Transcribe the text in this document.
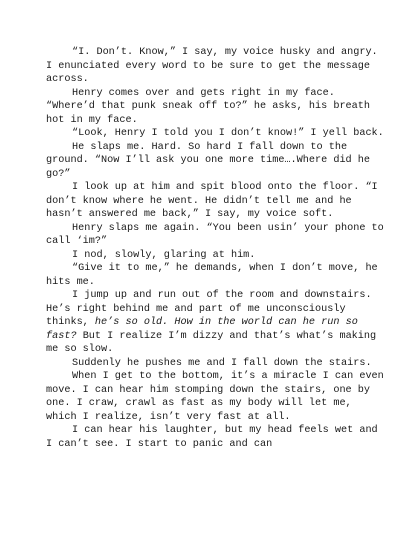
“I. Don’t. Know,” I say, my voice husky and angry. I enunciated every word to be sure to get the message across.

Henry comes over and gets right in my face. “Where’d that punk sneak off to?” he asks, his breath hot in my face.

“Look, Henry I told you I don’t know!” I yell back.

He slaps me. Hard. So hard I fall down to the ground. “Now I’ll ask you one more time….Where did he go?”

I look up at him and spit blood onto the floor. “I don’t know where he went. He didn’t tell me and he hasn’t answered me back,” I say, my voice soft.

Henry slaps me again. “You been usin’ your phone to call ‘im?”

I nod, slowly, glaring at him.

“Give it to me,” he demands, when I don’t move, he hits me.

I jump up and run out of the room and downstairs. He’s right behind me and part of me unconsciously thinks, he’s so old. How in the world can he run so fast? But I realize I’m dizzy and that’s what’s making me so slow.

Suddenly he pushes me and I fall down the stairs.

When I get to the bottom, it’s a miracle I can even move. I can hear him stomping down the stairs, one by one. I craw, crawl as fast as my body will let me, which I realize, isn’t very fast at all.

I can hear his laughter, but my head feels wet and I can’t see. I start to panic and can
